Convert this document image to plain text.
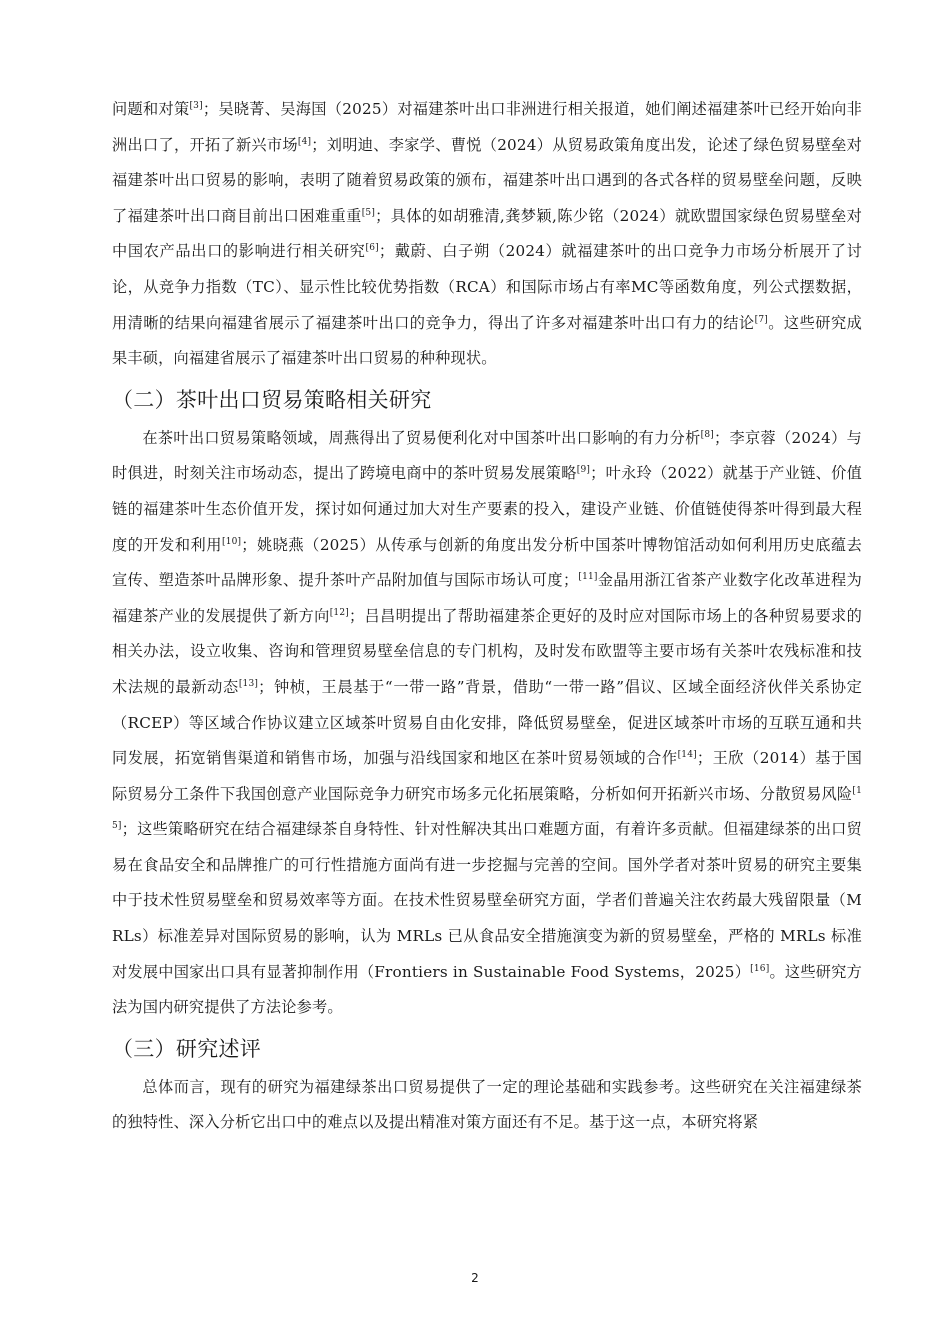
问题和对策[3]；吴晓菁、吴海国（2025）对福建茶叶出口非洲进行相关报道，她们阐述福建茶叶已经开始向非洲出口了，开拓了新兴市场[4]；刘明迪、李家学、曹悦（2024）从贸易政策角度出发，论述了绿色贸易壁垒对福建茶叶出口贸易的影响，表明了随着贸易政策的颁布，福建茶叶出口遇到的各式各样的贸易壁垒问题，反映了福建茶叶出口商目前出口困难重重[5]；具体的如胡雅清,龚梦颖,陈少铭（2024）就欧盟国家绿色贸易壁垒对中国农产品出口的影响进行相关研究[6]；戴蔚、白子朔（2024）就福建茶叶的出口竞争力市场分析展开了讨论，从竞争力指数（TC）、显示性比较优势指数（RCA）和国际市场占有率MC等函数角度，列公式摆数据，用清晰的结果向福建省展示了福建茶叶出口的竞争力，得出了许多对福建茶叶出口有力的结论[7]。这些研究成果丰硕，向福建省展示了福建茶叶出口贸易的种种现状。

（二）茶叶出口贸易策略相关研究

在茶叶出口贸易策略领域，周燕得出了贸易便利化对中国茶叶出口影响的有力分析[8]；李京蓉（2024）与时俱进，时刻关注市场动态，提出了跨境电商中的茶叶贸易发展策略[9]；叶永玲（2022）就基于产业链、价值链的福建茶叶生态价值开发，探讨如何通过加大对生产要素的投入，建设产业链、价值链使得茶叶得到最大程度的开发和利用[10]；姚晓燕（2025）从传承与创新的角度出发分析中国茶叶博物馆活动如何利用历史底蕴去宣传、塑造茶叶品牌形象、提升茶叶产品附加值与国际市场认可度；[11]金晶用浙江省茶产业数字化改革进程为福建茶产业的发展提供了新方向[12]；吕昌明提出了帮助福建茶企更好的及时应对国际市场上的各种贸易要求的相关办法，设立收集、咨询和管理贸易壁垒信息的专门机构，及时发布欧盟等主要市场有关茶叶农残标准和技术法规的最新动态[13]；钟桢，王晨基于“一带一路”背景，借助“一带一路”倡议、区域全面经济伙伴关系协定（RCEP）等区域合作协议建立区域茶叶贸易自由化安排，降低贸易壁垒，促进区域茶叶市场的互联互通和共同发展，拓宽销售渠道和销售市场，加强与沿线国家和地区在茶叶贸易领域的合作[14]；王欣（2014）基于国际贸易分工条件下我国创意产业国际竞争力研究市场多元化拓展策略，分析如何开拓新兴市场、分散贸易风险[15]；这些策略研究在结合福建绿茶自身特性、针对性解决其出口难题方面，有着许多贡献。但福建绿茶的出口贸易在食品安全和品牌推广的可行性措施方面尚有进一步挖掘与完善的空间。国外学者对茶叶贸易的研究主要集中于技术性贸易壁垒和贸易效率等方面。在技术性贸易壁垒研究方面，学者们普遍关注农药最大残留限量（MRLs）标准差异对国际贸易的影响，认为 MRLs 已从食品安全措施演变为新的贸易壁垒，严格的 MRLs 标准对发展中国家出口具有显著抑制作用（Frontiers in Sustainable Food Systems，2025）[16]。这些研究方法为国内研究提供了方法论参考。

（三）研究述评

总体而言，现有的研究为福建绿茶出口贸易提供了一定的理论基础和实践参考。这些研究在关注福建绿茶的独特性、深入分析它出口中的难点以及提出精准对策方面还有不足。基于这一点，本研究将紧

2
